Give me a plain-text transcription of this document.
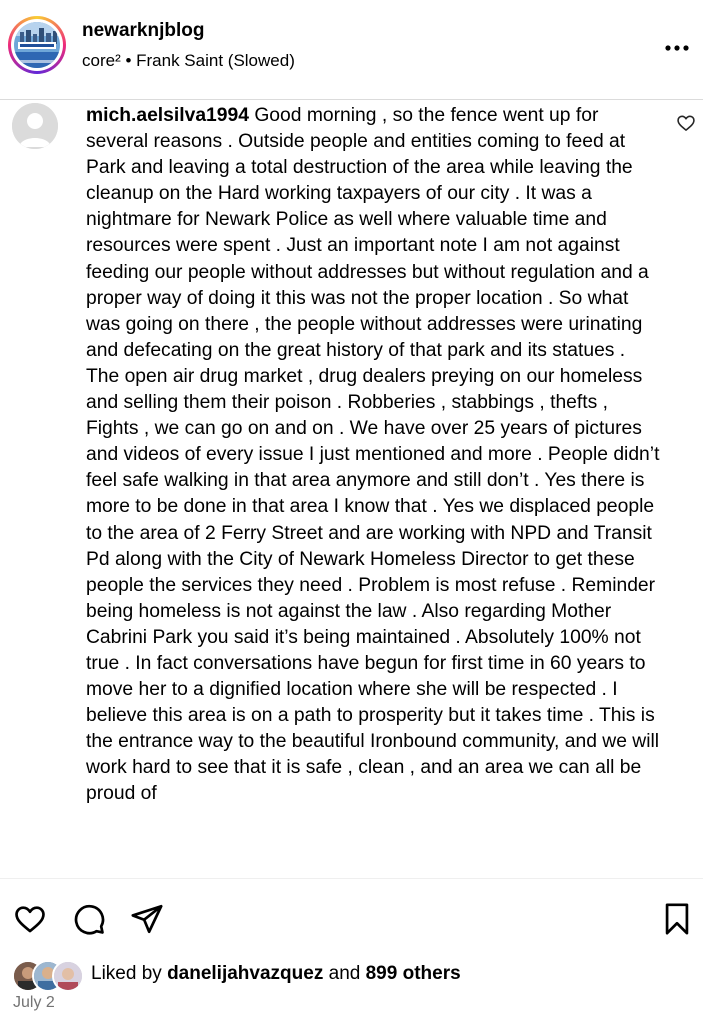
newarknjblog
core² • Frank Saint (Slowed)
mich.aelsilva1994 Good morning , so the fence went up for several reasons . Outside people and entities coming to feed at Park and leaving a total destruction of the area while leaving the cleanup on the Hard working taxpayers of our city . It was a nightmare for Newark Police as well where valuable time and resources were spent . Just an important note I am not against feeding our people without addresses but without regulation and a proper way of doing it this was not the proper location . So what was going on there , the people without addresses were urinating and defecating on the great history of that park and its statues . The open air drug market , drug dealers preying on our homeless and selling them their poison . Robberies , stabbings , thefts , Fights , we can go on and on . We have over 25 years of pictures and videos of every issue I just mentioned and more . People didn’t feel safe walking in that area anymore and still don’t . Yes there is more to be done in that area I know that . Yes we displaced people to the area of 2 Ferry Street and are working with NPD and Transit Pd along with the City of Newark Homeless Director to get these people the services they need . Problem is most refuse . Reminder being homeless is not against the law . Also regarding Mother Cabrini Park you said it’s being maintained . Absolutely 100% not true . In fact conversations have begun for first time in 60 years to move her to a dignified location where she will be respected . I believe this area is on a path to prosperity but it takes time . This is the entrance way to the beautiful Ironbound community, and we will work hard to see that it is safe , clean , and an area we can all be proud of
Liked by danelijahvazquez and 899 others
July 2
